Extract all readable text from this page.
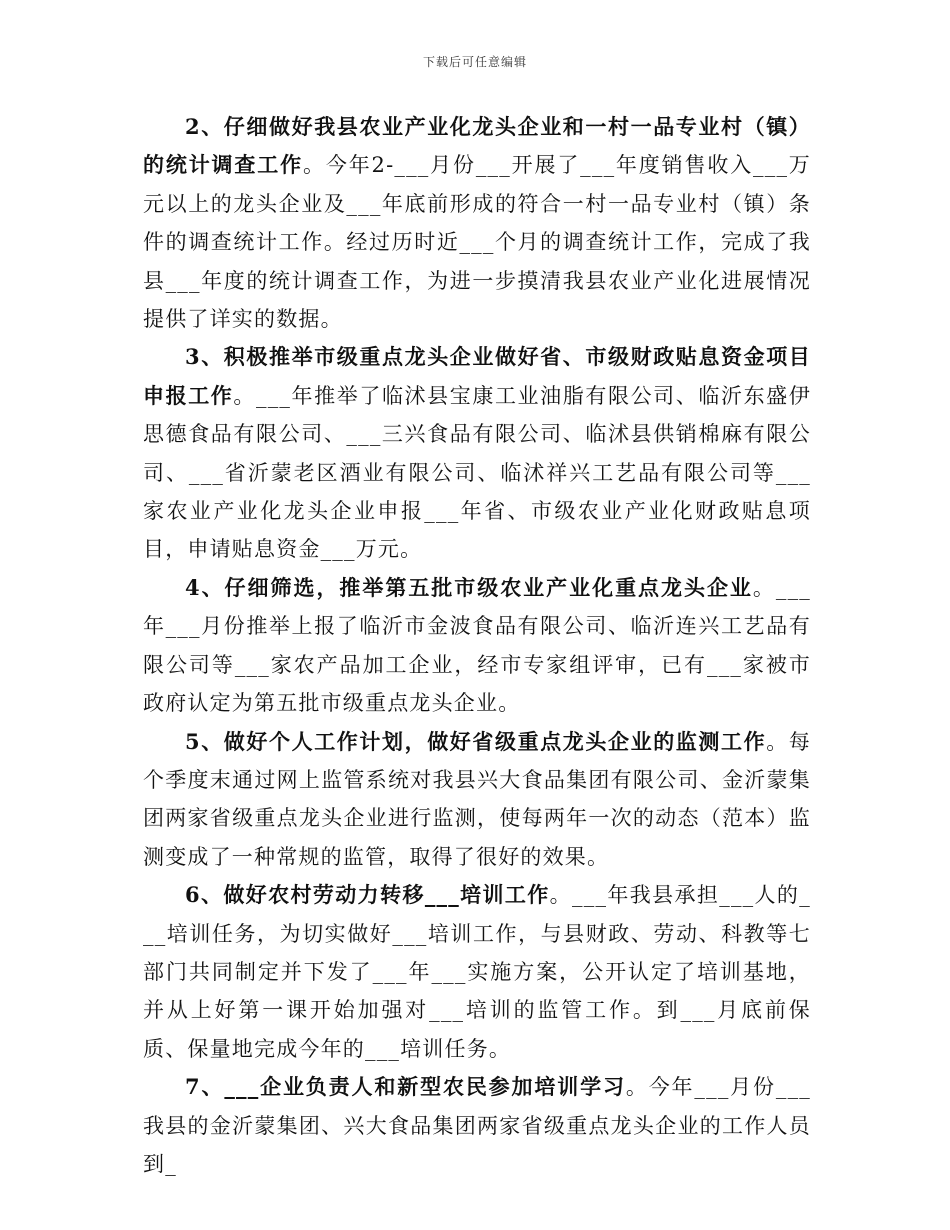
下载后可任意编辑

2、仔细做好我县农业产业化龙头企业和一村一品专业村（镇）的统计调查工作。今年2-___月份___开展了___年度销售收入___万元以上的龙头企业及___年底前形成的符合一村一品专业村（镇）条件的调查统计工作。经过历时近___个月的调查统计工作，完成了我县___年度的统计调查工作，为进一步摸清我县农业产业化进展情况提供了详实的数据。

3、积极推举市级重点龙头企业做好省、市级财政贴息资金项目申报工作。___年推举了临沭县宝康工业油脂有限公司、临沂东盛伊思德食品有限公司、___三兴食品有限公司、临沭县供销棉麻有限公司、___省沂蒙老区酒业有限公司、临沭祥兴工艺品有限公司等___家农业产业化龙头企业申报___年省、市级农业产业化财政贴息项目，申请贴息资金___万元。

4、仔细筛选，推举第五批市级农业产业化重点龙头企业。___年___月份推举上报了临沂市金波食品有限公司、临沂连兴工艺品有限公司等___家农产品加工企业，经市专家组评审，已有___家被市政府认定为第五批市级重点龙头企业。

5、做好个人工作计划，做好省级重点龙头企业的监测工作。每个季度末通过网上监管系统对我县兴大食品集团有限公司、金沂蒙集团两家省级重点龙头企业进行监测，使每两年一次的动态（范本）监测变成了一种常规的监管，取得了很好的效果。

6、做好农村劳动力转移___培训工作。___年我县承担___人的___培训任务，为切实做好___培训工作，与县财政、劳动、科教等七部门共同制定并下发了___年___实施方案，公开认定了培训基地，并从上好第一课开始加强对___培训的监管工作。到___月底前保质、保量地完成今年的___培训任务。

7、___企业负责人和新型农民参加培训学习。今年___月份___我县的金沂蒙集团、兴大食品集团两家省级重点龙头企业的工作人员到_
